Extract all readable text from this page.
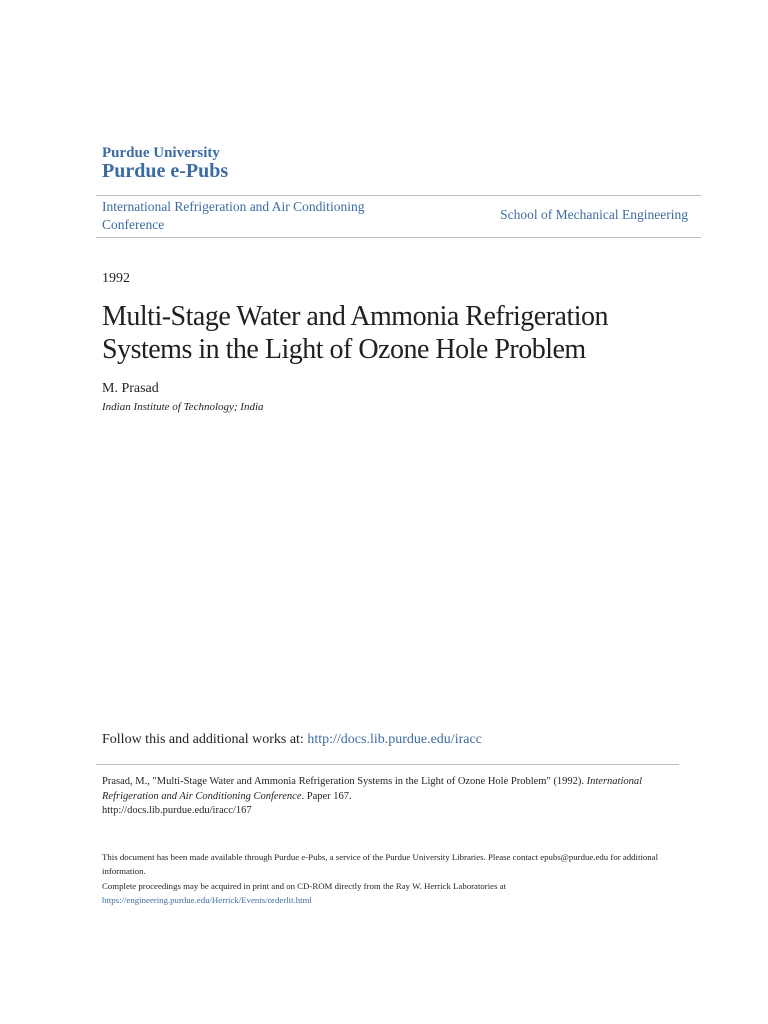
Purdue University
Purdue e-Pubs
International Refrigeration and Air Conditioning Conference
School of Mechanical Engineering
1992
Multi-Stage Water and Ammonia Refrigeration Systems in the Light of Ozone Hole Problem
M. Prasad
Indian Institute of Technology; India
Follow this and additional works at: http://docs.lib.purdue.edu/iracc
Prasad, M., "Multi-Stage Water and Ammonia Refrigeration Systems in the Light of Ozone Hole Problem" (1992). International Refrigeration and Air Conditioning Conference. Paper 167.
http://docs.lib.purdue.edu/iracc/167
This document has been made available through Purdue e-Pubs, a service of the Purdue University Libraries. Please contact epubs@purdue.edu for additional information.
Complete proceedings may be acquired in print and on CD-ROM directly from the Ray W. Herrick Laboratories at https://engineering.purdue.edu/Herrick/Events/orderlit.html
